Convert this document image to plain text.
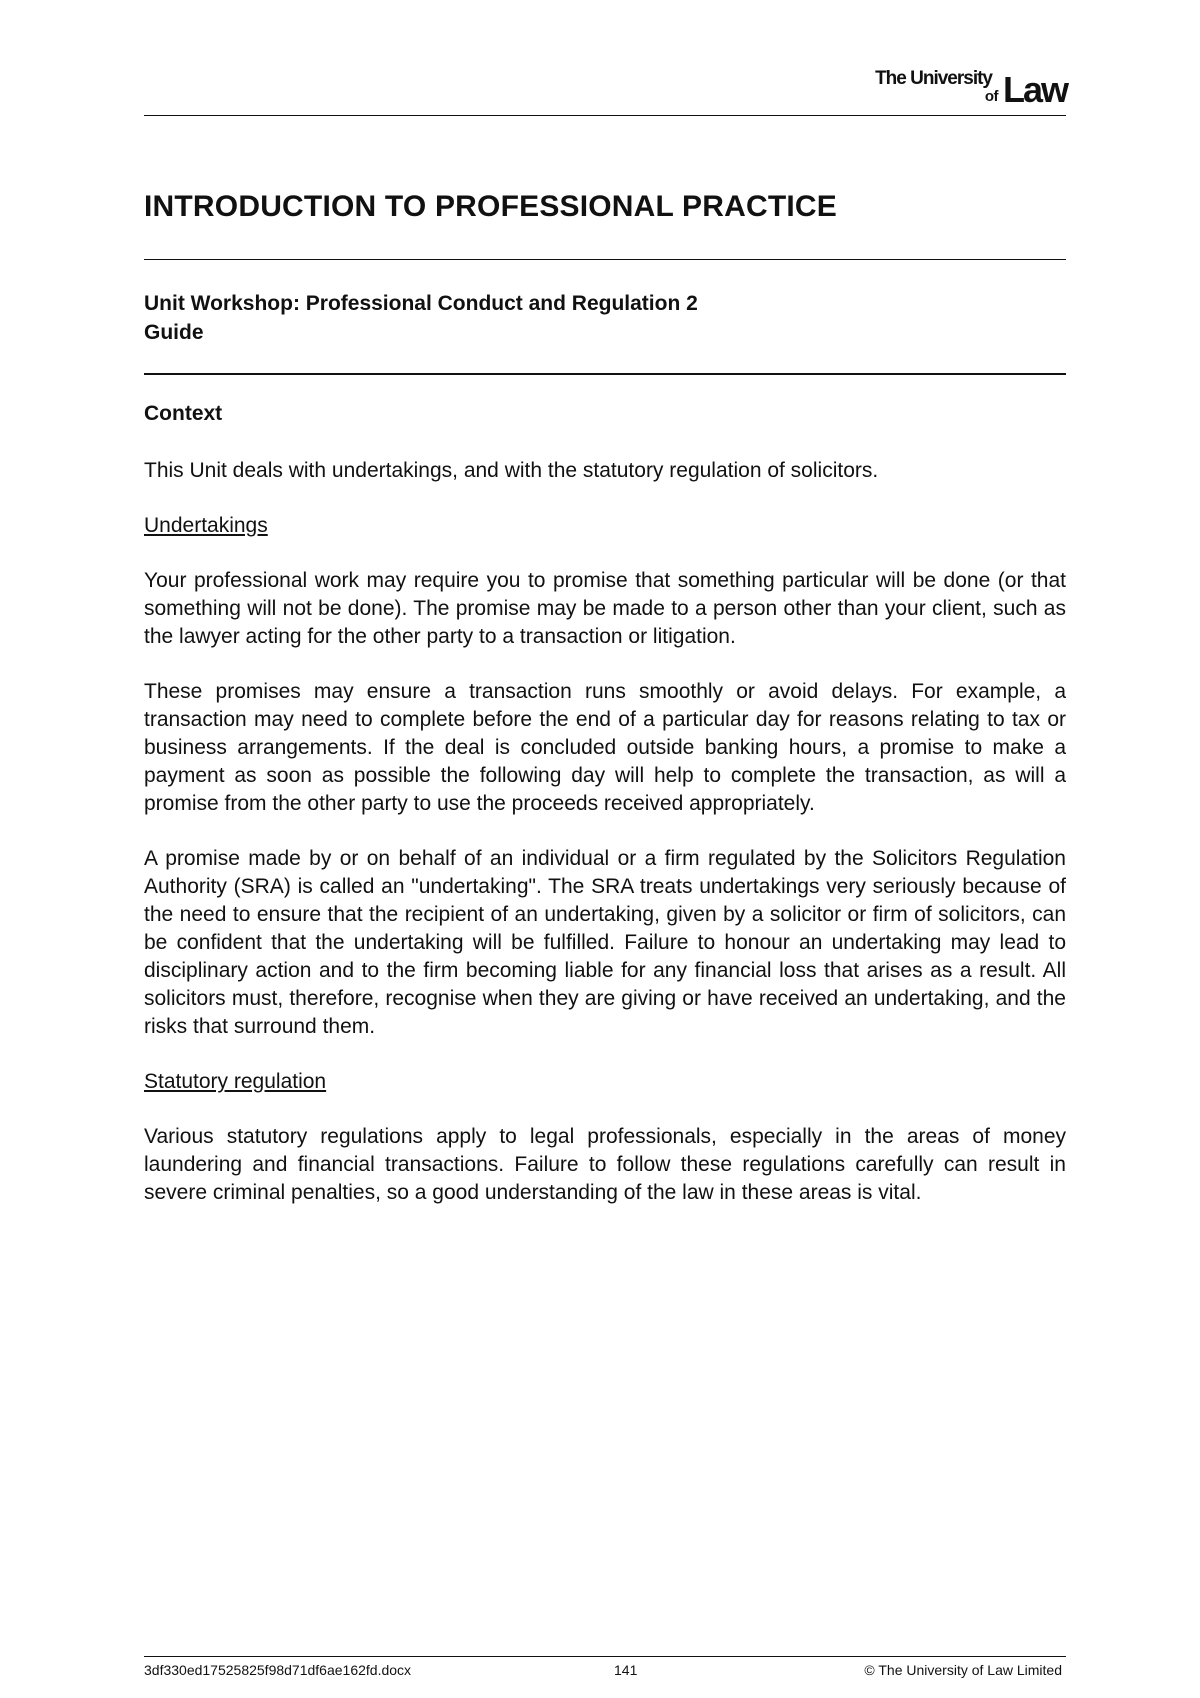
The University
of Law
INTRODUCTION TO PROFESSIONAL PRACTICE
Unit Workshop: Professional Conduct and Regulation 2
Guide
Context

This Unit deals with undertakings, and with the statutory regulation of solicitors.

Undertakings

Your professional work may require you to promise that something particular will be done (or that something will not be done). The promise may be made to a person other than your client, such as the lawyer acting for the other party to a transaction or litigation.

These promises may ensure a transaction runs smoothly or avoid delays. For example, a transaction may need to complete before the end of a particular day for reasons relating to tax or business arrangements. If the deal is concluded outside banking hours, a promise to make a payment as soon as possible the following day will help to complete the transaction, as will a promise from the other party to use the proceeds received appropriately.

A promise made by or on behalf of an individual or a firm regulated by the Solicitors Regulation Authority (SRA) is called an "undertaking". The SRA treats undertakings very seriously because of the need to ensure that the recipient of an undertaking, given by a solicitor or firm of solicitors, can be confident that the undertaking will be fulfilled. Failure to honour an undertaking may lead to disciplinary action and to the firm becoming liable for any financial loss that arises as a result. All solicitors must, therefore, recognise when they are giving or have received an undertaking, and the risks that surround them.

Statutory regulation

Various statutory regulations apply to legal professionals, especially in the areas of money laundering and financial transactions. Failure to follow these regulations carefully can result in severe criminal penalties, so a good understanding of the law in these areas is vital.

3df330ed17525825f98d71df6ae162fd.docx	141	© The University of Law Limited
